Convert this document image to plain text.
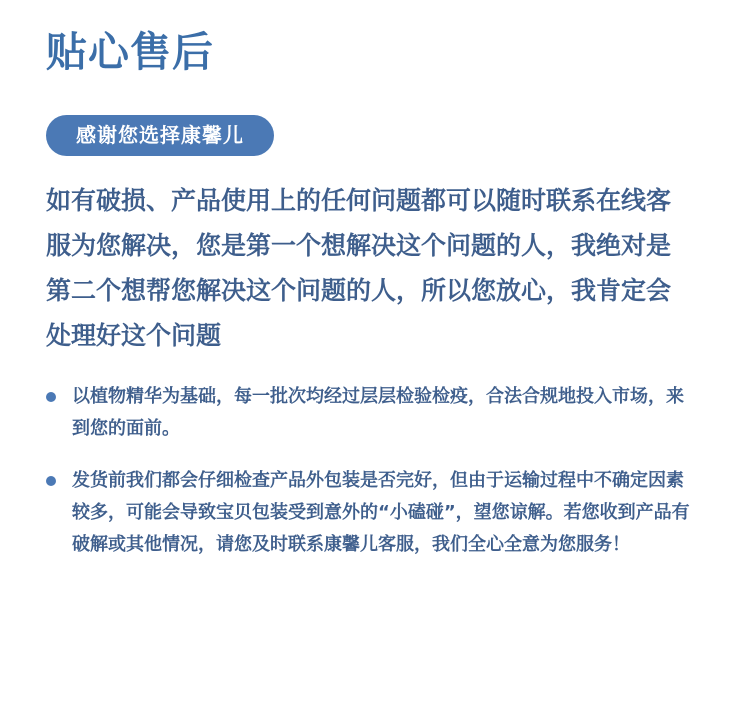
贴心售后
感谢您选择康馨儿

如有破损、产品使用上的任何问题都可以随时联系在线客服为您解决，您是第一个想解决这个问题的人，我绝对是第二个想帮您解决这个问题的人，所以您放心，我肯定会处理好这个问题

以植物精华为基础，每一批次均经过层层检验检疫，合法合规地投入市场，来到您的面前。
发货前我们都会仔细检查产品外包装是否完好，但由于运输过程中不确定因素较多，可能会导致宝贝包装受到意外的“小磕碰”，望您谅解。若您收到产品有破解或其他情况，请您及时联系康馨儿客服，我们全心全意为您服务！
